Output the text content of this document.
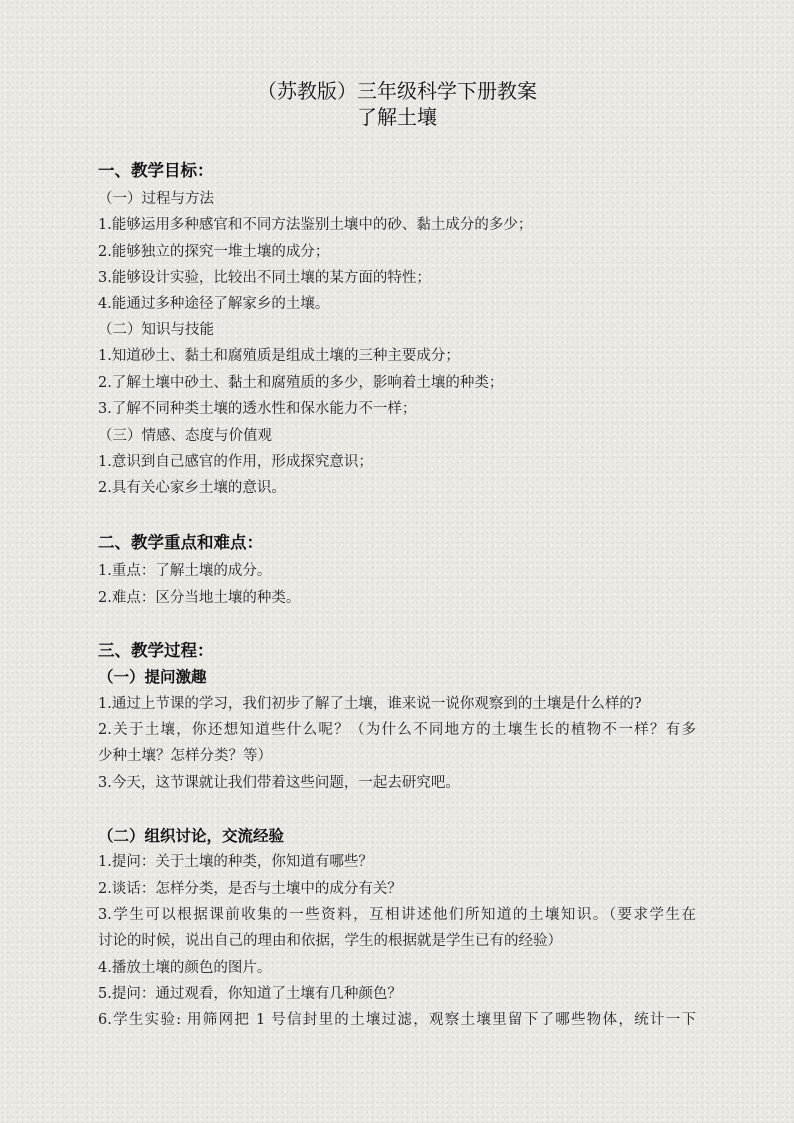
（苏教版）三年级科学下册教案
了解土壤
一、教学目标：
（一）过程与方法
1.能够运用多种感官和不同方法鉴别土壤中的砂、黏土成分的多少；
2.能够独立的探究一堆土壤的成分；
3.能够设计实验，比较出不同土壤的某方面的特性；
4.能通过多种途径了解家乡的土壤。
（二）知识与技能
1.知道砂土、黏土和腐殖质是组成土壤的三种主要成分；
2.了解土壤中砂土、黏土和腐殖质的多少，影响着土壤的种类；
3.了解不同种类土壤的透水性和保水能力不一样；
（三）情感、态度与价值观
1.意识到自己感官的作用，形成探究意识；
2.具有关心家乡土壤的意识。
二、教学重点和难点：
1.重点：了解土壤的成分。
2.难点：区分当地土壤的种类。
三、教学过程：
（一）提问激趣
1.通过上节课的学习，我们初步了解了土壤，谁来说一说你观察到的土壤是什么样的?
2.关于土壤，你还想知道些什么呢？（为什么不同地方的土壤生长的植物不一样？有多
少种土壤？怎样分类？等）
3.今天，这节课就让我们带着这些问题，一起去研究吧。
（二）组织讨论，交流经验
1.提问：关于土壤的种类，你知道有哪些？
2.谈话：怎样分类，是否与土壤中的成分有关？
3.学生可以根据课前收集的一些资料，互相讲述他们所知道的土壤知识。（要求学生在
讨论的时候，说出自己的理由和依据，学生的根据就是学生已有的经验）
4.播放土壤的颜色的图片。
5.提问：通过观看，你知道了土壤有几种颜色？
6.学生实验: 用筛网把 1 号信封里的土壤过滤，观察土壤里留下了哪些物体，统计一下
